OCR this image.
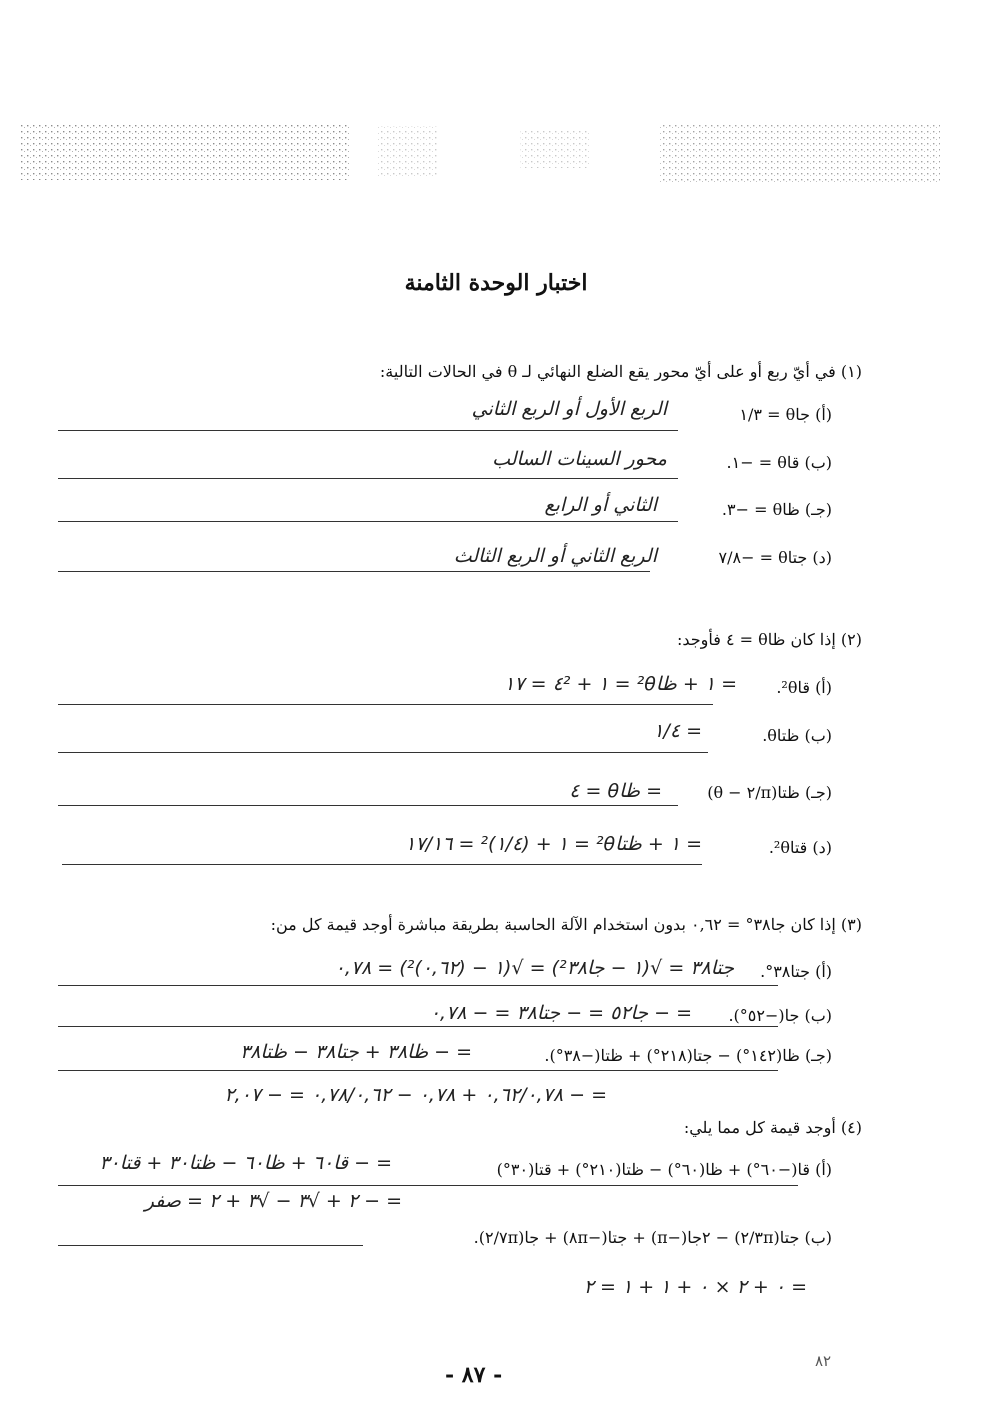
اختبار الوحدة الثامنة
(١) في أيّ ربع أو على أيّ محور يقع الضلع النهائي لـ θ في الحالات التالية:
(أ) جاθ = ١/٣
الربع الأول أو الربع الثاني
(ب) قاθ = −١.
محور السينات السالب
(جـ) ظاθ = −٣.
الثاني أو الرابع
(د) جتاθ = −٧/٨
الربع الثاني أو الربع الثالث
(٢) إذا كان ظاθ = ٤ فأوجد:
(أ) قا²θ.
= ١ + ظا²θ = ١ + ٤² = ١٧
(ب) ظتاθ.
= ١/٤
(جـ) ظتا(π/٢ − θ)
= ظاθ = ٤
(د) قتا²θ.
= ١ + ظتا²θ = ١ + (١/٤)² = ١٧/١٦
(٣) إذا كان جا٣٨° = ٠,٦٢ بدون استخدام الآلة الحاسبة بطريقة مباشرة أوجد قيمة كل من:
(أ) جتا٣٨°.
جتا٣٨ = √(١ − جا²٣٨) = √(١ − (٠,٦٢)²) = ٠,٧٨
(ب) جا(−٥٢°).
= − جا٥٢ = − جتا٣٨ = − ٠,٧٨
(جـ) ظا(١٤٢°) − جتا(٢١٨°) + ظتا(−٣٨°).
= − ظا٣٨ + جتا٣٨ − ظتا٣٨
= − ٠,٦٢/٠,٧٨ + ٠,٧٨ − ٠,٧٨/٠,٦٢ = − ٢,٠٧
(٤) أوجد قيمة كل مما يلي:
(أ) قا(−٦٠°) + ظا(٦٠°) − ظتا(٢١٠°) + قتا(٣٠°)
= − قا٦٠ + ظا٦٠ − ظتا٣٠ + قتا٣٠
= − ٢ + √٣ − √٣ + ٢ = صفر
(ب) جتا(٣π/٢) − ٢جا(−π) + جتا(−٨π) + جا(٧π/٢).
= ٠ + ٢ × ٠ + ١ + ١ = ٢
- ٨٧ -
٨٢
